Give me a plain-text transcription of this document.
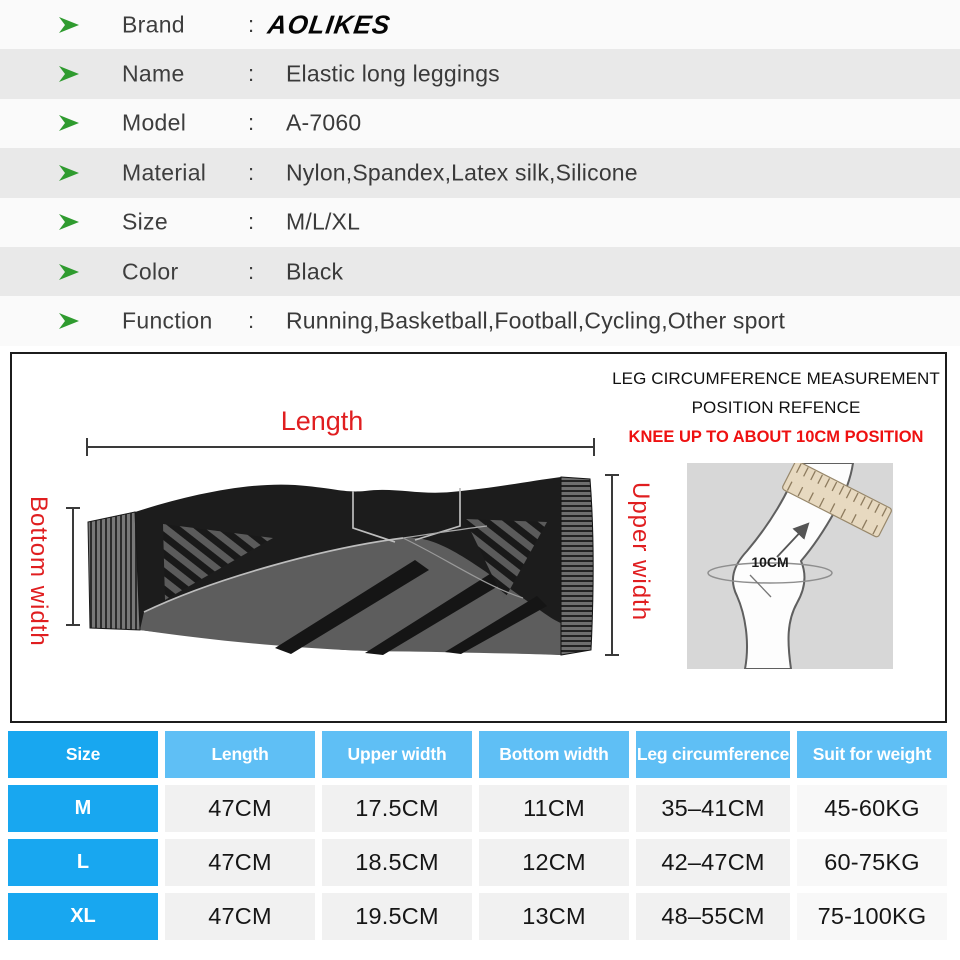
Brand	: AOLIKES
Name	: Elastic long leggings
Model	: A-7060
Material : Nylon,Spandex,Latex silk,Silicone
Size	: M/L/XL
Color	: Black
Function : Running,Basketball,Football,Cycling,Other sport
Length
Bottom width	Upper width
LEG CIRCUMFERENCE MEASUREMENT
POSITION REFENCE
KNEE UP TO ABOUT 10CM POSITION
10CM
Size	Length	Upper width	Bottom width	Leg circumference	Suit for weight
M	47CM	17.5CM	11CM	35–41CM	45-60KG
L	47CM	18.5CM	12CM	42–47CM	60-75KG
XL	47CM	19.5CM	13CM	48–55CM	75-100KG
